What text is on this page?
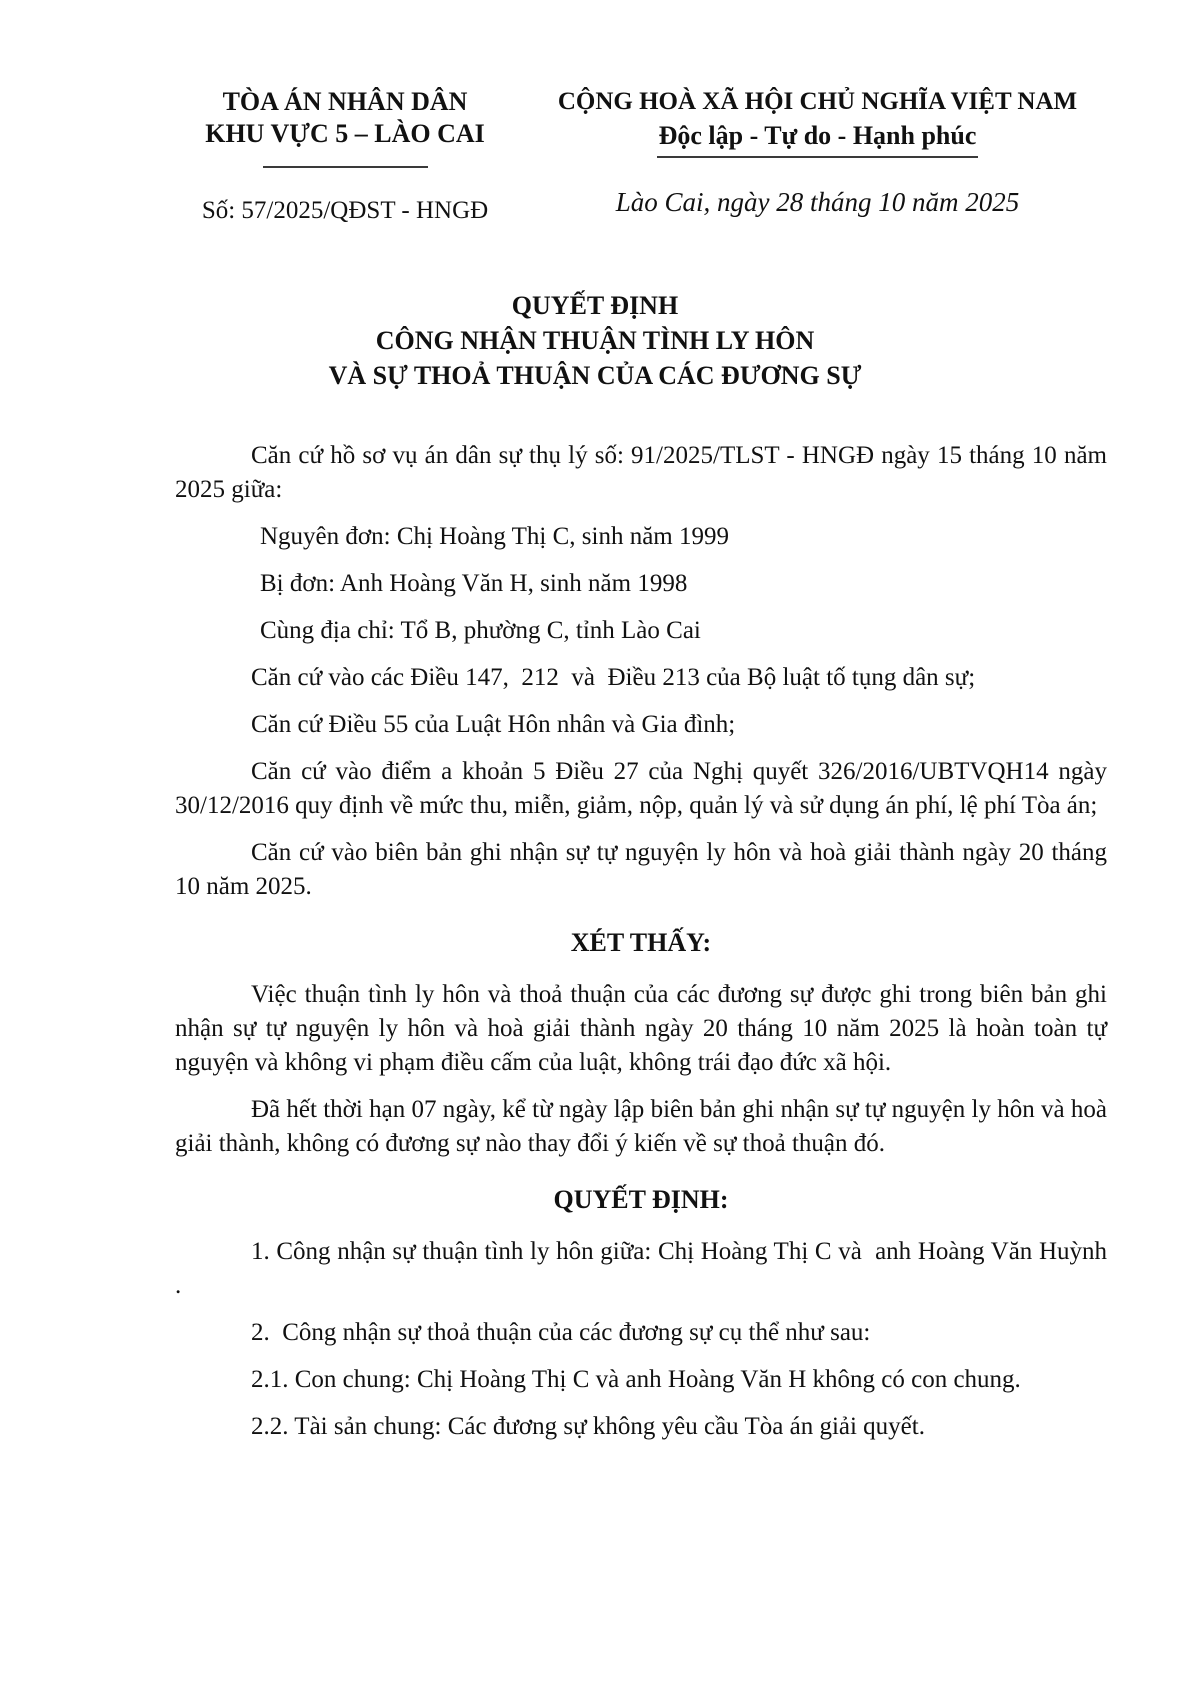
TÒA ÁN NHÂN DÂN
KHU VỰC 5 – LÀO CAI
Số: 57/2025/QĐST - HNGĐ
CỘNG HOÀ XÃ HỘI CHỦ NGHĨA VIỆT NAM
Độc lập - Tự do - Hạnh phúc
Lào Cai, ngày 28 tháng 10 năm 2025
QUYẾT ĐỊNH
CÔNG NHẬN THUẬN TÌNH LY HÔN
VÀ SỰ THOẢ THUẬN CỦA CÁC ĐƯƠNG SỰ

Căn cứ hồ sơ vụ án dân sự thụ lý số: 91/2025/TLST - HNGĐ ngày 15 tháng 10 năm 2025 giữa:

Nguyên đơn: Chị Hoàng Thị C, sinh năm 1999

Bị đơn: Anh Hoàng Văn H, sinh năm 1998

Cùng địa chỉ: Tổ B, phường C, tỉnh Lào Cai

Căn cứ vào các Điều 147,  212  và  Điều 213 của Bộ luật tố tụng dân sự;

Căn cứ Điều 55 của Luật Hôn nhân và Gia đình;

Căn cứ vào điểm a khoản 5 Điều 27 của Nghị quyết 326/2016/UBTVQH14 ngày 30/12/2016 quy định về mức thu, miễn, giảm, nộp, quản lý và sử dụng án phí, lệ phí Tòa án;

Căn cứ vào biên bản ghi nhận sự tự nguyện ly hôn và hoà giải thành ngày 20 tháng 10 năm 2025.

XÉT THẤY:

Việc thuận tình ly hôn và thoả thuận của các đương sự được ghi trong biên bản ghi nhận sự tự nguyện ly hôn và hoà giải thành ngày 20 tháng 10 năm 2025 là hoàn toàn tự nguyện và không vi phạm điều cấm của luật, không trái đạo đức xã hội.

Đã hết thời hạn 07 ngày, kể từ ngày lập biên bản ghi nhận sự tự nguyện ly hôn và hoà giải thành, không có đương sự nào thay đổi ý kiến về sự thoả thuận đó.

QUYẾT ĐỊNH:

1. Công nhận sự thuận tình ly hôn giữa: Chị Hoàng Thị C và  anh Hoàng Văn Huỳnh .

2.  Công nhận sự thoả thuận của các đương sự cụ thể như sau:

2.1. Con chung: Chị Hoàng Thị C và anh Hoàng Văn H không có con chung.

2.2. Tài sản chung: Các đương sự không yêu cầu Tòa án giải quyết.
